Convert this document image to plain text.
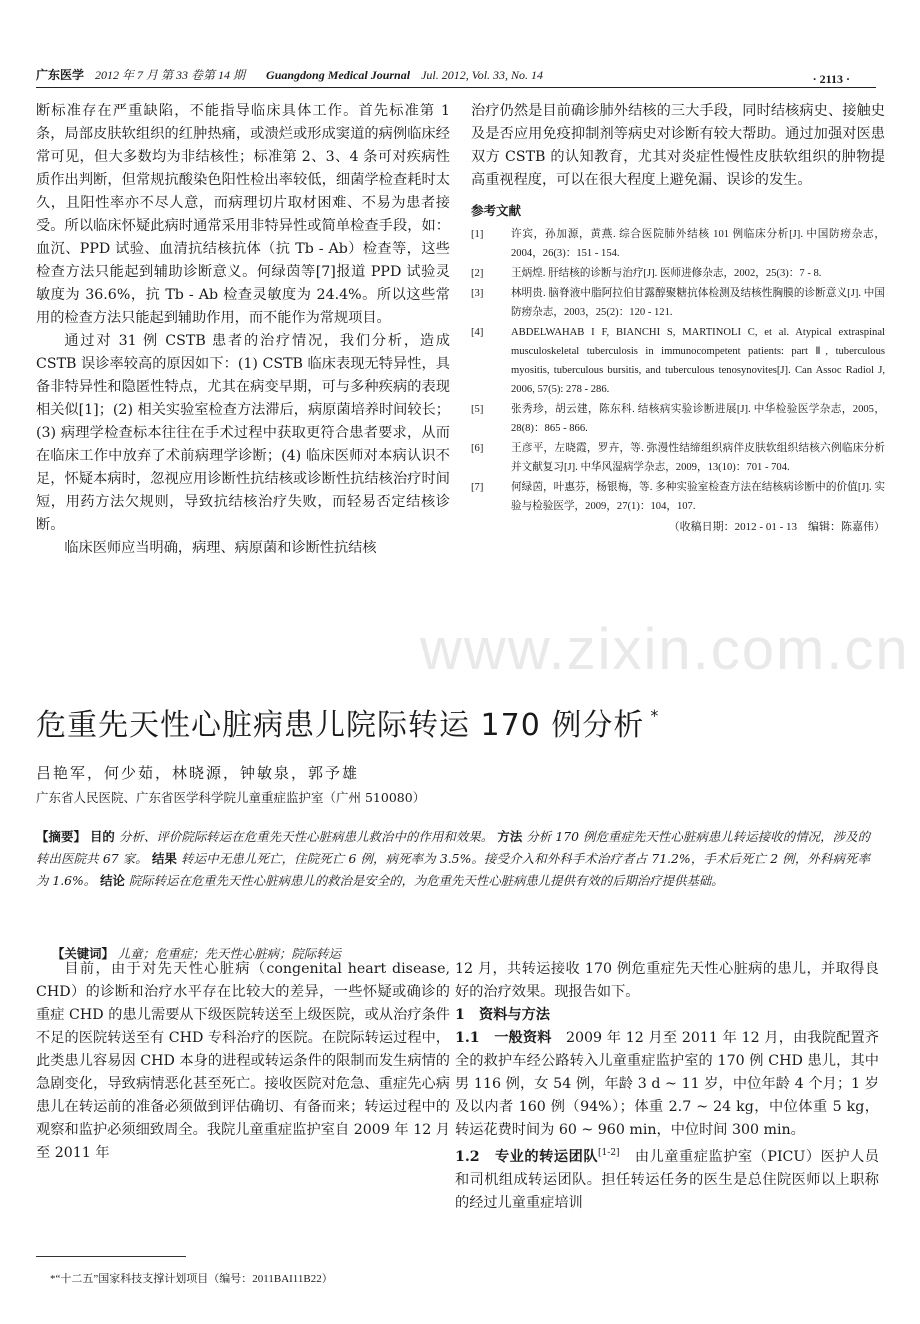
www.zixin.com.cn
广东医学 2012 年 7 月 第 33 卷第 14 期 Guangdong Medical Journal Jul. 2012, Vol. 33, No. 14	· 2113 ·

断标准存在严重缺陷，不能指导临床具体工作。首先标准第 1 条，局部皮肤软组织的红肿热痛，或溃烂或形成窦道的病例临床经常可见，但大多数均为非结核性；标准第 2、3、4 条可对疾病性质作出判断，但常规抗酸染色阳性检出率较低，细菌学检查耗时太久，且阳性率亦不尽人意，而病理切片取材困难、不易为患者接受。所以临床怀疑此病时通常采用非特异性或简单检查手段，如：血沉、PPD 试验、血清抗结核抗体（抗 Tb - Ab）检查等，这些检查方法只能起到辅助诊断意义。何绿茵等[7]报道 PPD 试验灵敏度为 36.6%，抗 Tb - Ab 检查灵敏度为 24.4%。所以这些常用的检查方法只能起到辅助作用，而不能作为常规项目。

通过对 31 例 CSTB 患者的治疗情况，我们分析，造成 CSTB 误诊率较高的原因如下：(1) CSTB 临床表现无特异性，具备非特异性和隐匿性特点，尤其在病变早期，可与多种疾病的表现相关似[1]；(2) 相关实验室检查方法滞后，病原菌培养时间较长；(3) 病理学检查标本往往在手术过程中获取更符合患者要求，从而在临床工作中放弃了术前病理学诊断；(4) 临床医师对本病认识不足，怀疑本病时，忽视应用诊断性抗结核或诊断性抗结核治疗时间短，用药方法欠规则，导致抗结核治疗失败，而轻易否定结核诊断。

临床医师应当明确，病理、病原菌和诊断性抗结核

治疗仍然是目前确诊肺外结核的三大手段，同时结核病史、接触史及是否应用免疫抑制剂等病史对诊断有较大帮助。通过加强对医患双方 CSTB 的认知教育，尤其对炎症性慢性皮肤软组织的肿物提高重视程度，可以在很大程度上避免漏、误诊的发生。

参考文献
[1]	许宾，孙加源，黄燕. 综合医院肺外结核 101 例临床分析[J]. 中国防痨杂志，2004，26(3)：151 - 154.
[2]	王炳煌. 肝结核的诊断与治疗[J]. 医师进修杂志，2002，25(3)：7 - 8.
[3]	林明贵. 脑脊液中脂阿拉伯甘露醇聚糖抗体检测及结核性胸膜的诊断意义[J]. 中国防痨杂志，2003，25(2)：120 - 121.
[4]	ABDELWAHAB I F, BIANCHI S, MARTINOLI C, et al. Atypical extraspinal musculoskeletal tuberculosis in immunocompetent patients: part Ⅱ, tuberculous myositis, tuberculous bursitis, and tuberculous tenosynovites[J]. Can Assoc Radiol J, 2006, 57(5): 278 - 286.
[5]	张秀珍，胡云建，陈东科. 结核病实验诊断进展[J]. 中华检验医学杂志，2005，28(8)：865 - 866.
[6]	王彦平，左晓霞，罗卉，等. 弥漫性结缔组织病伴皮肤软组织结核六例临床分析并文献复习[J]. 中华风湿病学杂志，2009，13(10)：701 - 704.
[7]	何绿茵，叶惠芬，杨银梅，等. 多种实验室检查方法在结核病诊断中的价值[J]. 实验与检验医学，2009，27(1)：104，107.
（收稿日期：2012 - 01 - 13　编辑：陈嘉伟）
危重先天性心脏病患儿院际转运 170 例分析 *
吕艳军，何少茹，林晓源，钟敏泉，郭予雄
广东省人民医院、广东省医学科学院儿童重症监护室（广州 510080）
【摘要】 目的 分析、评价院际转运在危重先天性心脏病患儿救治中的作用和效果。 方法 分析 170 例危重症先天性心脏病患儿转运接收的情况，涉及的转出医院共 67 家。 结果 转运中无患儿死亡，住院死亡 6 例，病死率为 3.5%。接受介入和外科手术治疗者占 71.2%，手术后死亡 2 例，外科病死率为 1.6%。 结论 院际转运在危重先天性心脏病患儿的救治是安全的，为危重先天性心脏病患儿提供有效的后期治疗提供基础。
【关键词】 儿童；危重症；先天性心脏病；院际转运

目前，由于对先天性心脏病（congenital heart disease, CHD）的诊断和治疗水平存在比较大的差异，一些怀疑或确诊的重症 CHD 的患儿需要从下级医院转送至上级医院，或从治疗条件不足的医院转送至有 CHD 专科治疗的医院。在院际转运过程中，此类患儿容易因 CHD 本身的进程或转运条件的限制而发生病情的急剧变化，导致病情恶化甚至死亡。接收医院对危急、重症先心病患儿在转运前的准备必须做到评估确切、有备而来；转运过程中的观察和监护必须细致周全。我院儿童重症监护室自 2009 年 12 月至 2011 年

12 月，共转运接收 170 例危重症先天性心脏病的患儿，并取得良好的治疗效果。现报告如下。

1　资料与方法

1.1　一般资料　 2009 年 12 月至 2011 年 12 月，由我院配置齐全的救护车经公路转入儿童重症监护室的 170 例 CHD 患儿，其中男 116 例，女 54 例，年龄 3 d ~ 11 岁，中位年龄 4 个月；1 岁及以内者 160 例（94%）；体重 2.7 ~ 24 kg，中位体重 5 kg，转运花费时间为 60 ~ 960 min，中位时间 300 min。

1.2　专业的转运团队[1-2]　 由儿童重症监护室（PICU）医护人员和司机组成转运团队。担任转运任务的医生是总住院医师以上职称的经过儿童重症培训

*“十二五”国家科技支撑计划项目（编号：2011BAI11B22）
